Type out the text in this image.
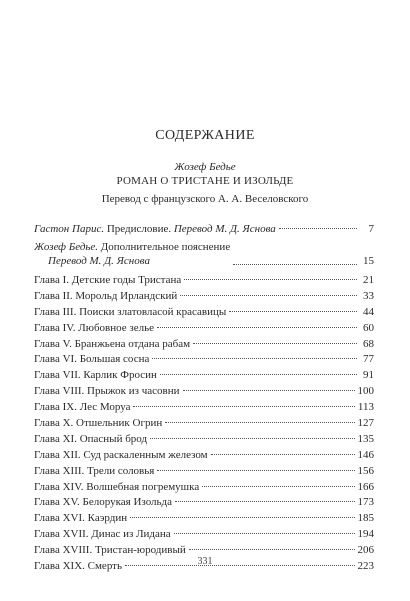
СОДЕРЖАНИЕ
Жозеф Бедье
РОМАН О ТРИСТАНЕ И ИЗОЛЬДЕ
Перевод с французского А. А. Веселовского
Гастон Парис. Предисловие. Перевод М. Д. Яснова	7
Жозеф Бедье. Дополнительное пояснение
Перевод М. Д. Яснова	15
Глава I. Детские годы Тристана	21
Глава II. Морольд Ирландский	33
Глава III. Поиски златовласой красавицы	44
Глава IV. Любовное зелье	60
Глава V. Бранжьена отдана рабам	68
Глава VI. Большая сосна	77
Глава VII. Карлик Фросин	91
Глава VIII. Прыжок из часовни	100
Глава IX. Лес Моруа	113
Глава X. Отшельник Огрин	127
Глава XI. Опасный брод	135
Глава XII. Суд раскаленным железом	146
Глава XIII. Трели соловья	156
Глава XIV. Волшебная погремушка	166
Глава XV. Белорукая Изольда	173
Глава XVI. Каэрдин	185
Глава XVII. Динас из Лидана	194
Глава XVIII. Тристан-юродивый	206
Глава XIX. Смерть	223
331
